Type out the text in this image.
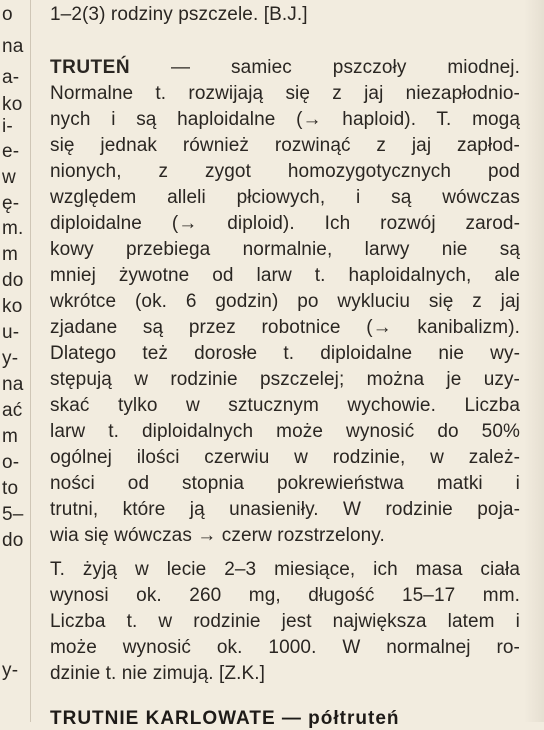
o
na
a-
ko
i-
e-
w
ę-
m.
m
do
ko
u-
y-
na
ać
m
o-
to
5–
do
y-
1–2(3) rodziny pszczele. [B.J.]
TRUTEŃ — samiec pszczoły miodnej.
Normalne t. rozwijają się z jaj niezapłodnio-
nych i są haploidalne (→ haploid). T. mogą
się jednak również rozwinąć z jaj zapłod-
nionych, z zygot homozygotycznych pod
względem alleli płciowych, i są wówczas
diploidalne (→ diploid). Ich rozwój zarod-
kowy przebiega normalnie, larwy nie są
mniej żywotne od larw t. haploidalnych, ale
wkrótce (ok. 6 godzin) po wykluciu się z jaj
zjadane są przez robotnice (→ kanibalizm).
Dlatego też dorosłe t. diploidalne nie wy-
stępują w rodzinie pszczelej; można je uzy-
skać tylko w sztucznym wychowie. Liczba
larw t. diploidalnych może wynosić do 50%
ogólnej ilości czerwiu w rodzinie, w zależ-
ności od stopnia pokrewieństwa matki i
trutni, które ją unasieniły. W rodzinie poja-
wia się wówczas → czerw rozstrzelony.
T. żyją w lecie 2–3 miesiące, ich masa ciała
wynosi ok. 260 mg, długość 15–17 mm.
Liczba t. w rodzinie jest największa latem i
może wynosić ok. 1000. W normalnej ro-
dzinie t. nie zimują. [Z.K.]
TRUTNIE KARLOWATE — półtruteń
